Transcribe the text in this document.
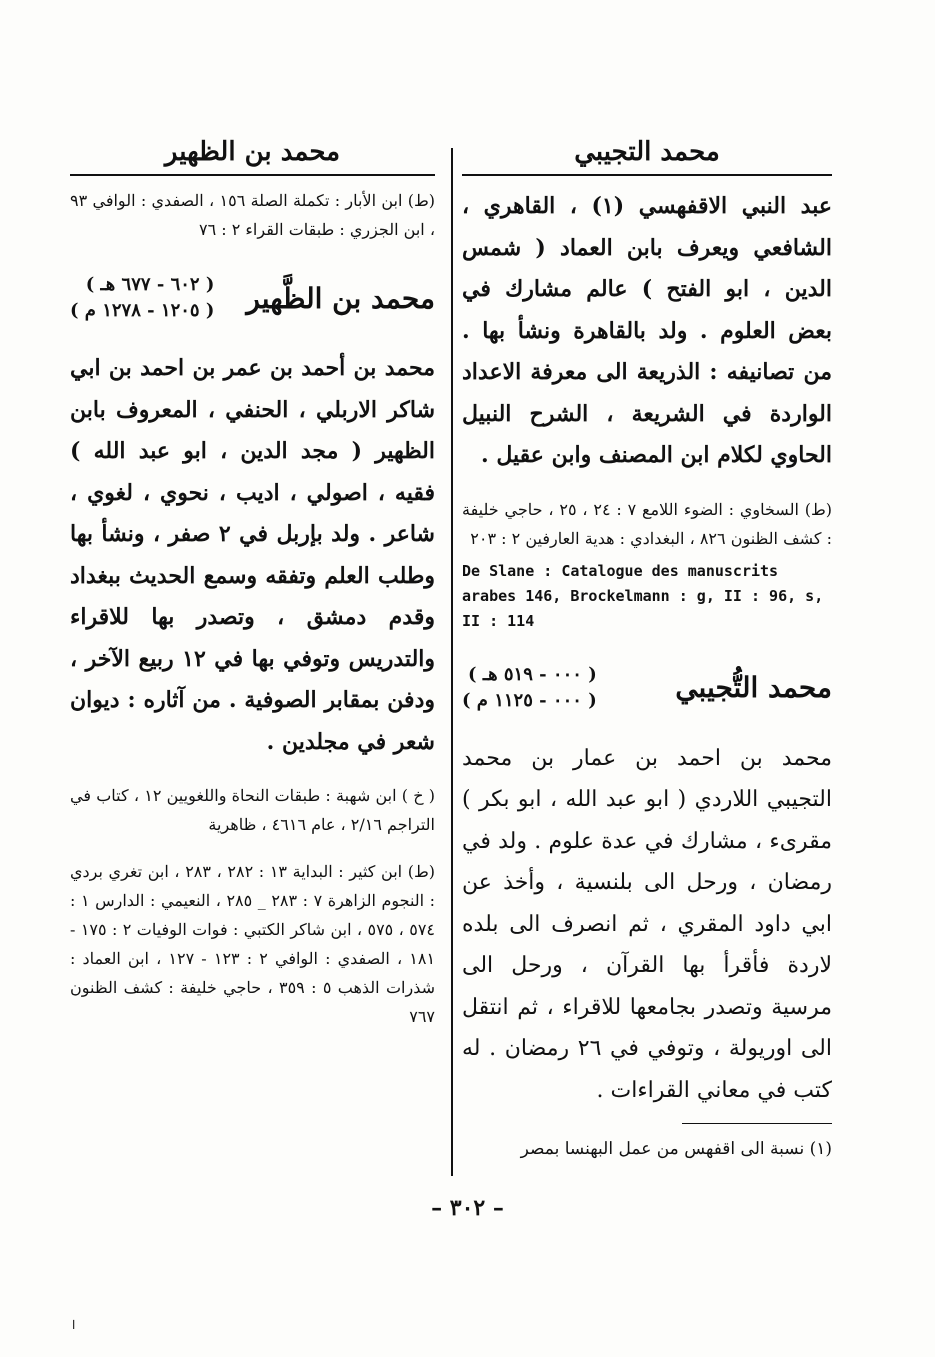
محمد التجيبي

عبد النبي الاقفهسي (١) ، القاهري ، الشافعي ويعرف بابن العماد ( شمس الدين ، ابو الفتح ) عالم مشارك في بعض العلوم . ولد بالقاهرة ونشأ بها . من تصانيفه : الذريعة الى معرفة الاعداد الواردة في الشريعة ، الشرح النبيل الحاوي لكلام ابن المصنف وابن عقيل .

(ط) السخاوي : الضوء اللامع ٧ : ٢٤ ، ٢٥ ، حاجي خليفة : كشف الظنون ٨٢٦ ، البغدادي : هدية العارفين ٢ : ٢٠٣

De Slane : Catalogue des manuscrits arabes 146, Brockelmann : g, II : 96, s, II : 114

محمد التُّجيبي
( ٠٠٠ - ٥١٩ هـ )
( ٠٠٠ - ١١٢٥ م )

محمد بن احمد بن عمار بن محمد التجيبي اللاردي ( ابو عبد الله ، ابو بكر ) مقرىء ، مشارك في عدة علوم . ولد في رمضان ، ورحل الى بلنسية ، وأخذ عن ابي داود المقري ، ثم انصرف الى بلده لاردة فأقرأ بها القرآن ، ورحل الى مرسية وتصدر بجامعها للاقراء ، ثم انتقل الى اوريولة ، وتوفي في ٢٦ رمضان . له كتب في معاني القراءات .

(١) نسبة الى اقفهس من عمل البهنسا بمصر

محمد بن الظهير

(ط) ابن الأبار : تكملة الصلة ١٥٦ ، الصفدي : الوافي ٩٣ ، ابن الجزري : طبقات القراء ٢ : ٧٦

محمد بن الظَّهير
( ٦٠٢ - ٦٧٧ هـ )
( ١٢٠٥ - ١٢٧٨ م )

محمد بن أحمد بن عمر بن احمد بن ابي شاكر الاربلي ، الحنفي ، المعروف بابن الظهير ( مجد الدين ، ابو عبد الله ) فقيه ، اصولي ، اديب ، نحوي ، لغوي ، شاعر . ولد بإربل في ٢ صفر ، ونشأ بها وطلب العلم وتفقه وسمع الحديث ببغداد وقدم دمشق ، وتصدر بها للاقراء والتدريس وتوفي بها في ١٢ ربيع الآخر ، ودفن بمقابر الصوفية . من آثاره : ديوان شعر في مجلدين .

( خ ) ابن شهبة : طبقات النحاة واللغويين ١٢ ، كتاب في التراجم ٢/١٦ ، عام ٤٦١٦ ، ظاهرية

(ط) ابن كثير : البداية ١٣ : ٢٨٢ ، ٢٨٣ ، ابن تغري بردي : النجوم الزاهرة ٧ : ٢٨٣ _ ٢٨٥ ، النعيمي : الدارس ١ : ٥٧٤ ، ٥٧٥ ، ابن شاكر الكتبي : فوات الوفيات ٢ : ١٧٥ - ١٨١ ، الصفدي : الوافي ٢ : ١٢٣ - ١٢٧ ، ابن العماد : شذرات الذهب ٥ : ٣٥٩ ، حاجي خليفة : كشف الظنون ٧٦٧

– ٣٠٢ –
ا
